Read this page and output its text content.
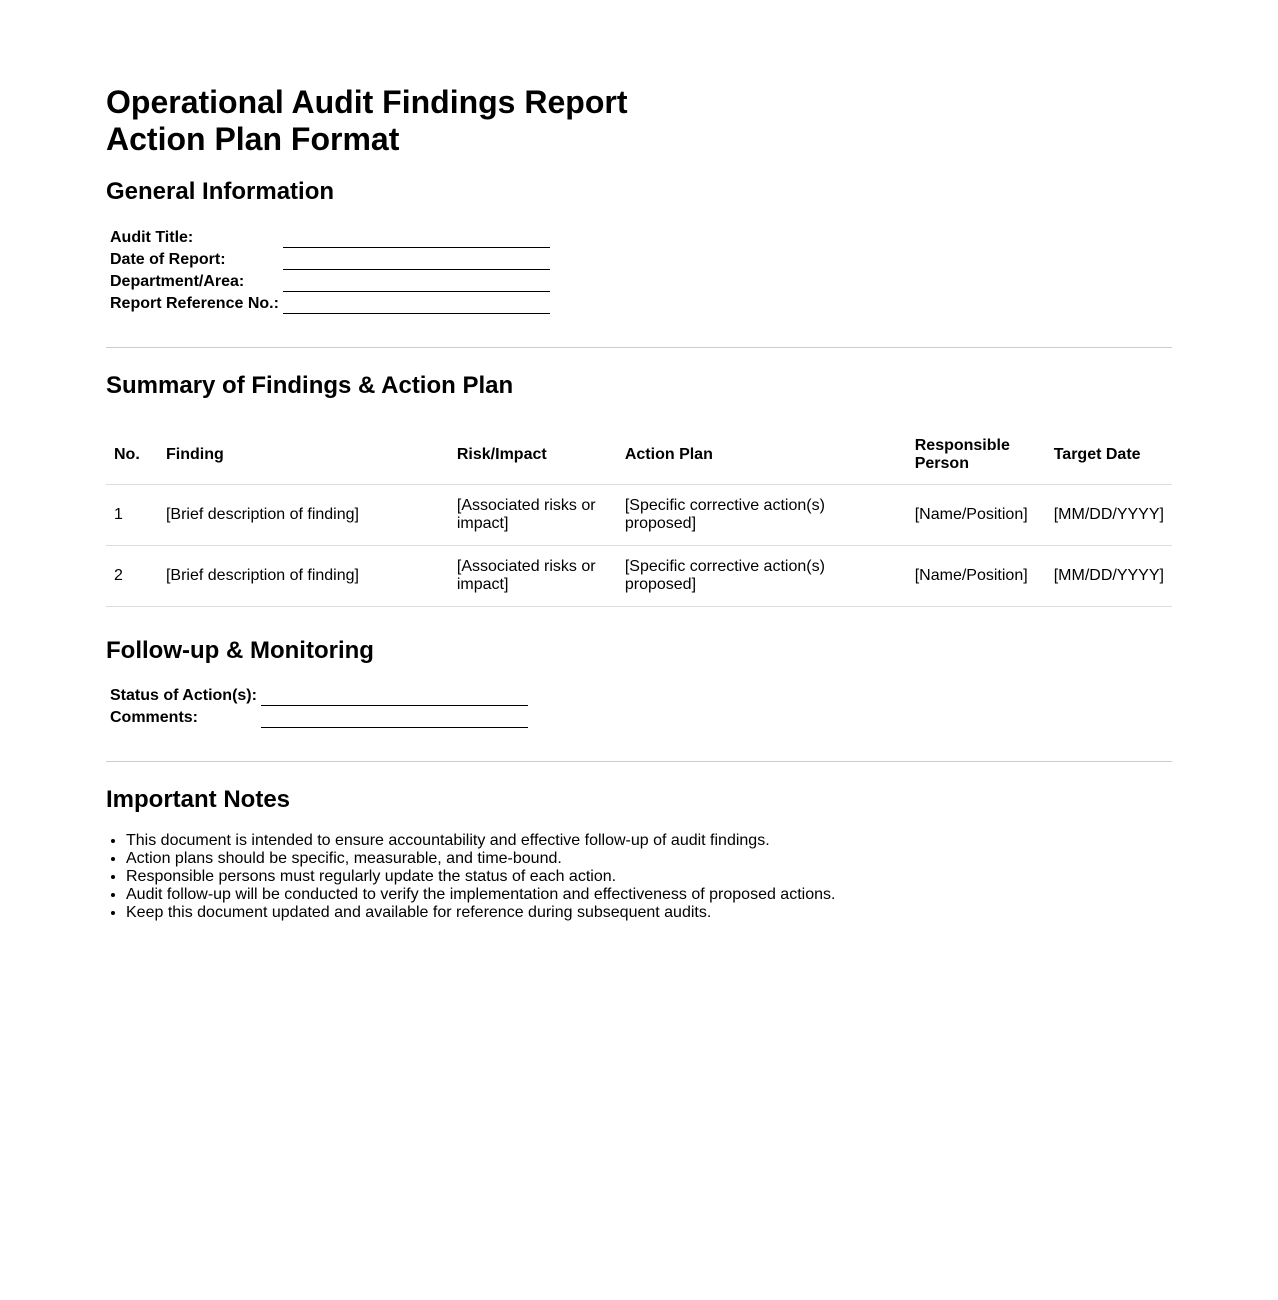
Operational Audit Findings Report
Action Plan Format
General Information
Audit Title:	
Date of Report:	
Department/Area:	
Report Reference No.:	
Summary of Findings & Action Plan
No.	Finding	Risk/Impact	Action Plan	Responsible Person	Target Date
1	[Brief description of finding]	[Associated risks or impact]	[Specific corrective action(s) proposed]	[Name/Position]	[MM/DD/YYYY]
2	[Brief description of finding]	[Associated risks or impact]	[Specific corrective action(s) proposed]	[Name/Position]	[MM/DD/YYYY]
Follow-up & Monitoring
Status of Action(s):	
Comments:	
Important Notes
• This document is intended to ensure accountability and effective follow-up of audit findings.
• Action plans should be specific, measurable, and time-bound.
• Responsible persons must regularly update the status of each action.
• Audit follow-up will be conducted to verify the implementation and effectiveness of proposed actions.
• Keep this document updated and available for reference during subsequent audits.
